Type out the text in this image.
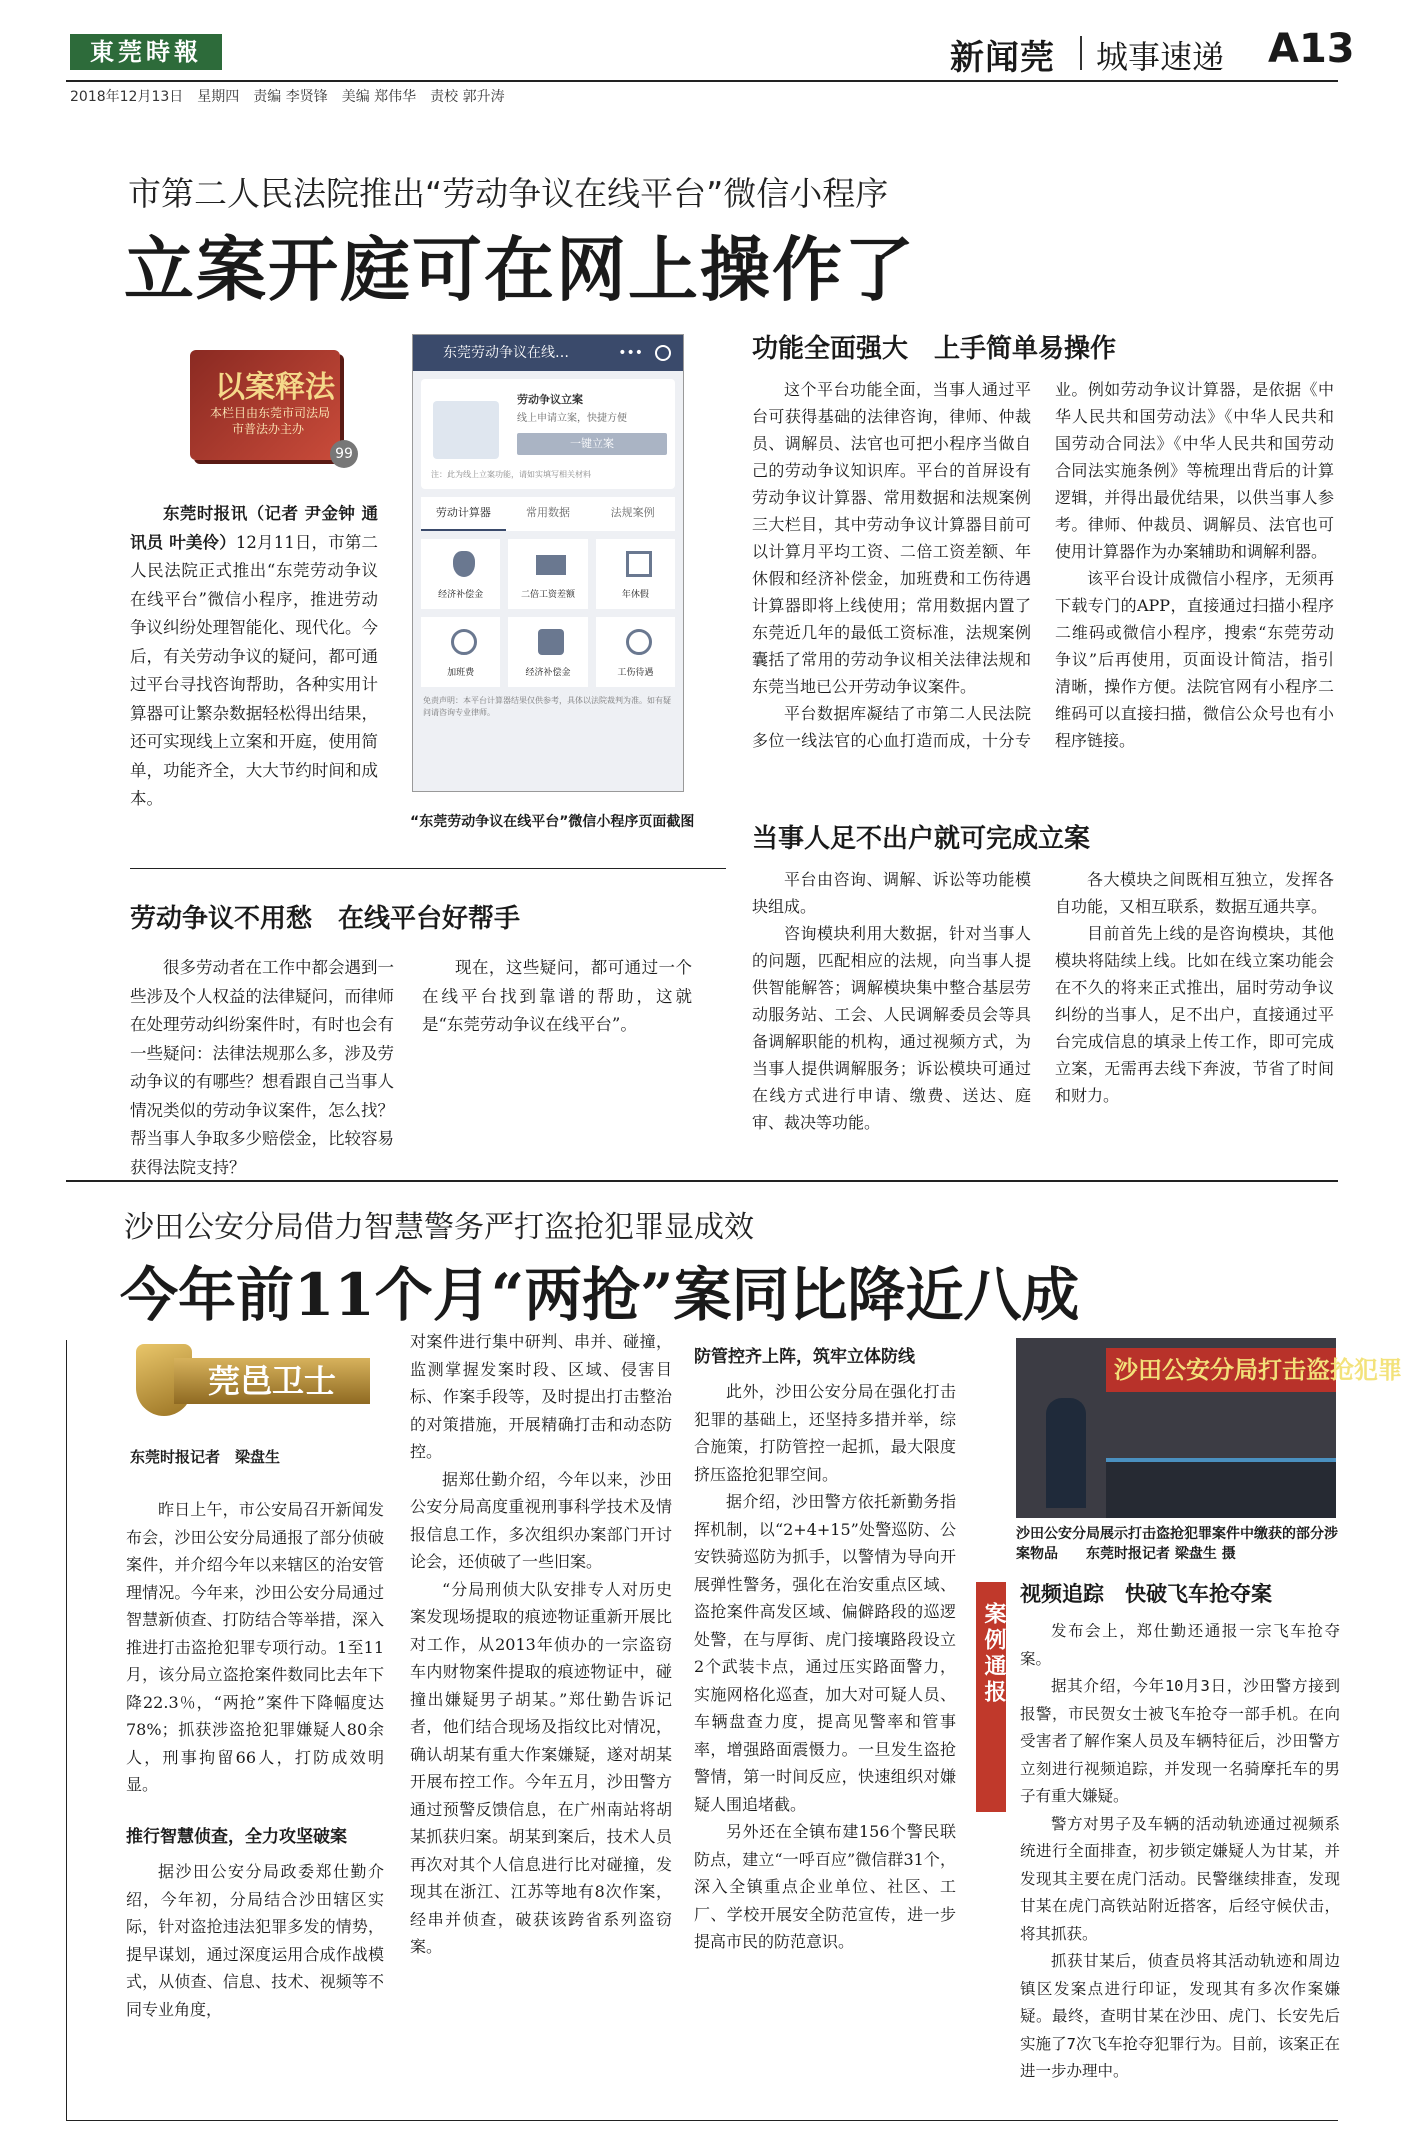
東莞時報	新闻莞 城事速递 A13
2018年12月13日　星期四　责编 李贤锋　美编 郑伟华　责校 郭升涛
市第二人民法院推出“劳动争议在线平台”微信小程序
立案开庭可在网上操作了
以案释法
本栏目由东莞市司法局
市普法办主办
99
东莞时报讯（记者 尹金钟 通讯员 叶美伶）12月11日，市第二人民法院正式推出“东莞劳动争议在线平台”微信小程序，推进劳动争议纠纷处理智能化、现代化。今后，有关劳动争议的疑问，都可通过平台寻找咨询帮助，各种实用计算器可让繁杂数据轻松得出结果，还可实现线上立案和开庭，使用简单，功能齐全，大大节约时间和成本。
东莞劳动争议在线…	•••
劳动争议立案
线上申请立案，快捷方便
一键立案
注：此为线上立案功能，请如实填写相关材料
劳动计算器	常用数据	法规案例
经济补偿金	二倍工资差额	年休假
加班费	经济补偿金	工伤待遇
免责声明：本平台计算器结果仅供参考，具体以法院裁判为准。如有疑问请咨询专业律师。
“东莞劳动争议在线平台”微信小程序页面截图
劳动争议不用愁　在线平台好帮手

很多劳动者在工作中都会遇到一些涉及个人权益的法律疑问，而律师在处理劳动纠纷案件时，有时也会有一些疑问：法律法规那么多，涉及劳动争议的有哪些？想看跟自己当事人情况类似的劳动争议案件，怎么找？帮当事人争取多少赔偿金，比较容易获得法院支持？

现在，这些疑问，都可通过一个在线平台找到靠谱的帮助，这就是“东莞劳动争议在线平台”。

功能全面强大　上手简单易操作

这个平台功能全面，当事人通过平台可获得基础的法律咨询，律师、仲裁员、调解员、法官也可把小程序当做自己的劳动争议知识库。平台的首屏设有劳动争议计算器、常用数据和法规案例三大栏目，其中劳动争议计算器目前可以计算月平均工资、二倍工资差额、年休假和经济补偿金，加班费和工伤待遇计算器即将上线使用；常用数据内置了东莞近几年的最低工资标准，法规案例囊括了常用的劳动争议相关法律法规和东莞当地已公开劳动争议案件。

平台数据库凝结了市第二人民法院多位一线法官的心血打造而成，十分专业。例如劳动争议计算器，是依据《中华人民共和国劳动法》《中华人民共和国劳动合同法》《中华人民共和国劳动合同法实施条例》等梳理出背后的计算逻辑，并得出最优结果，以供当事人参考。律师、仲裁员、调解员、法官也可使用计算器作为办案辅助和调解利器。

该平台设计成微信小程序，无须再下载专门的APP，直接通过扫描小程序二维码或微信小程序，搜索“东莞劳动争议”后再使用，页面设计简洁，指引清晰，操作方便。法院官网有小程序二维码可以直接扫描，微信公众号也有小程序链接。

当事人足不出户就可完成立案

平台由咨询、调解、诉讼等功能模块组成。

咨询模块利用大数据，针对当事人的问题，匹配相应的法规，向当事人提供智能解答；调解模块集中整合基层劳动服务站、工会、人民调解委员会等具备调解职能的机构，通过视频方式，为当事人提供调解服务；诉讼模块可通过在线方式进行申请、缴费、送达、庭审、裁决等功能。

各大模块之间既相互独立，发挥各自功能，又相互联系，数据互通共享。

目前首先上线的是咨询模块，其他模块将陆续上线。比如在线立案功能会在不久的将来正式推出，届时劳动争议纠纷的当事人，足不出户，直接通过平台完成信息的填录上传工作，即可完成立案，无需再去线下奔波，节省了时间和财力。

沙田公安分局借力智慧警务严打盗抢犯罪显成效
今年前11个月“两抢”案同比降近八成
莞邑卫士
东莞时报记者　梁盘生

昨日上午，市公安局召开新闻发布会，沙田公安分局通报了部分侦破案件，并介绍今年以来辖区的治安管理情况。今年来，沙田公安分局通过智慧新侦查、打防结合等举措，深入推进打击盗抢犯罪专项行动。1至11月，该分局立盗抢案件数同比去年下降22.3％，“两抢”案件下降幅度达78%；抓获涉盗抢犯罪嫌疑人80余人，刑事拘留66人，打防成效明显。

推行智慧侦查，全力攻坚破案

据沙田公安分局政委郑仕勤介绍，今年初，分局结合沙田辖区实际，针对盗抢违法犯罪多发的情势，提早谋划，通过深度运用合成作战模式，从侦查、信息、技术、视频等不同专业角度，

对案件进行集中研判、串并、碰撞，监测掌握发案时段、区域、侵害目标、作案手段等，及时提出打击整治的对策措施，开展精确打击和动态防控。

据郑仕勤介绍，今年以来，沙田公安分局高度重视刑事科学技术及情报信息工作，多次组织办案部门开讨论会，还侦破了一些旧案。

“分局刑侦大队安排专人对历史案发现场提取的痕迹物证重新开展比对工作，从2013年侦办的一宗盗窃车内财物案件提取的痕迹物证中，碰撞出嫌疑男子胡某。”郑仕勤告诉记者，他们结合现场及指纹比对情况，确认胡某有重大作案嫌疑，遂对胡某开展布控工作。今年五月，沙田警方通过预警反馈信息，在广州南站将胡某抓获归案。胡某到案后，技术人员再次对其个人信息进行比对碰撞，发现其在浙江、江苏等地有8次作案，经串并侦查，破获该跨省系列盗窃案。

防管控齐上阵，筑牢立体防线

此外，沙田公安分局在强化打击犯罪的基础上，还坚持多措并举，综合施策，打防管控一起抓，最大限度挤压盗抢犯罪空间。

据介绍，沙田警方依托新勤务指挥机制，以“2+4+15”处警巡防、公安铁骑巡防为抓手，以警情为导向开展弹性警务，强化在治安重点区域、盗抢案件高发区域、偏僻路段的巡逻处警，在与厚街、虎门接壤路段设立2个武装卡点，通过压实路面警力，实施网格化巡查，加大对可疑人员、车辆盘查力度，提高见警率和管事率，增强路面震慑力。一旦发生盗抢警情，第一时间反应，快速组织对嫌疑人围追堵截。

另外还在全镇布建156个警民联防点，建立“一呼百应”微信群31个，深入全镇重点企业单位、社区、工厂、学校开展安全防范宣传，进一步提高市民的防范意识。

沙田公安分局打击盗抢犯罪
沙田公安分局展示打击盗抢犯罪案件中缴获的部分涉案物品　　东莞时报记者 梁盘生 摄
案例通报
视频追踪　快破飞车抢夺案

发布会上，郑仕勤还通报一宗飞车抢夺案。

据其介绍，今年10月3日，沙田警方接到报警，市民贺女士被飞车抢夺一部手机。在向受害者了解作案人员及车辆特征后，沙田警方立刻进行视频追踪，并发现一名骑摩托车的男子有重大嫌疑。

警方对男子及车辆的活动轨迹通过视频系统进行全面排查，初步锁定嫌疑人为甘某，并发现其主要在虎门活动。民警继续排查，发现甘某在虎门高铁站附近搭客，后经守候伏击，将其抓获。

抓获甘某后，侦查员将其活动轨迹和周边镇区发案点进行印证，发现其有多次作案嫌疑。最终，查明甘某在沙田、虎门、长安先后实施了7次飞车抢夺犯罪行为。目前，该案正在进一步办理中。
